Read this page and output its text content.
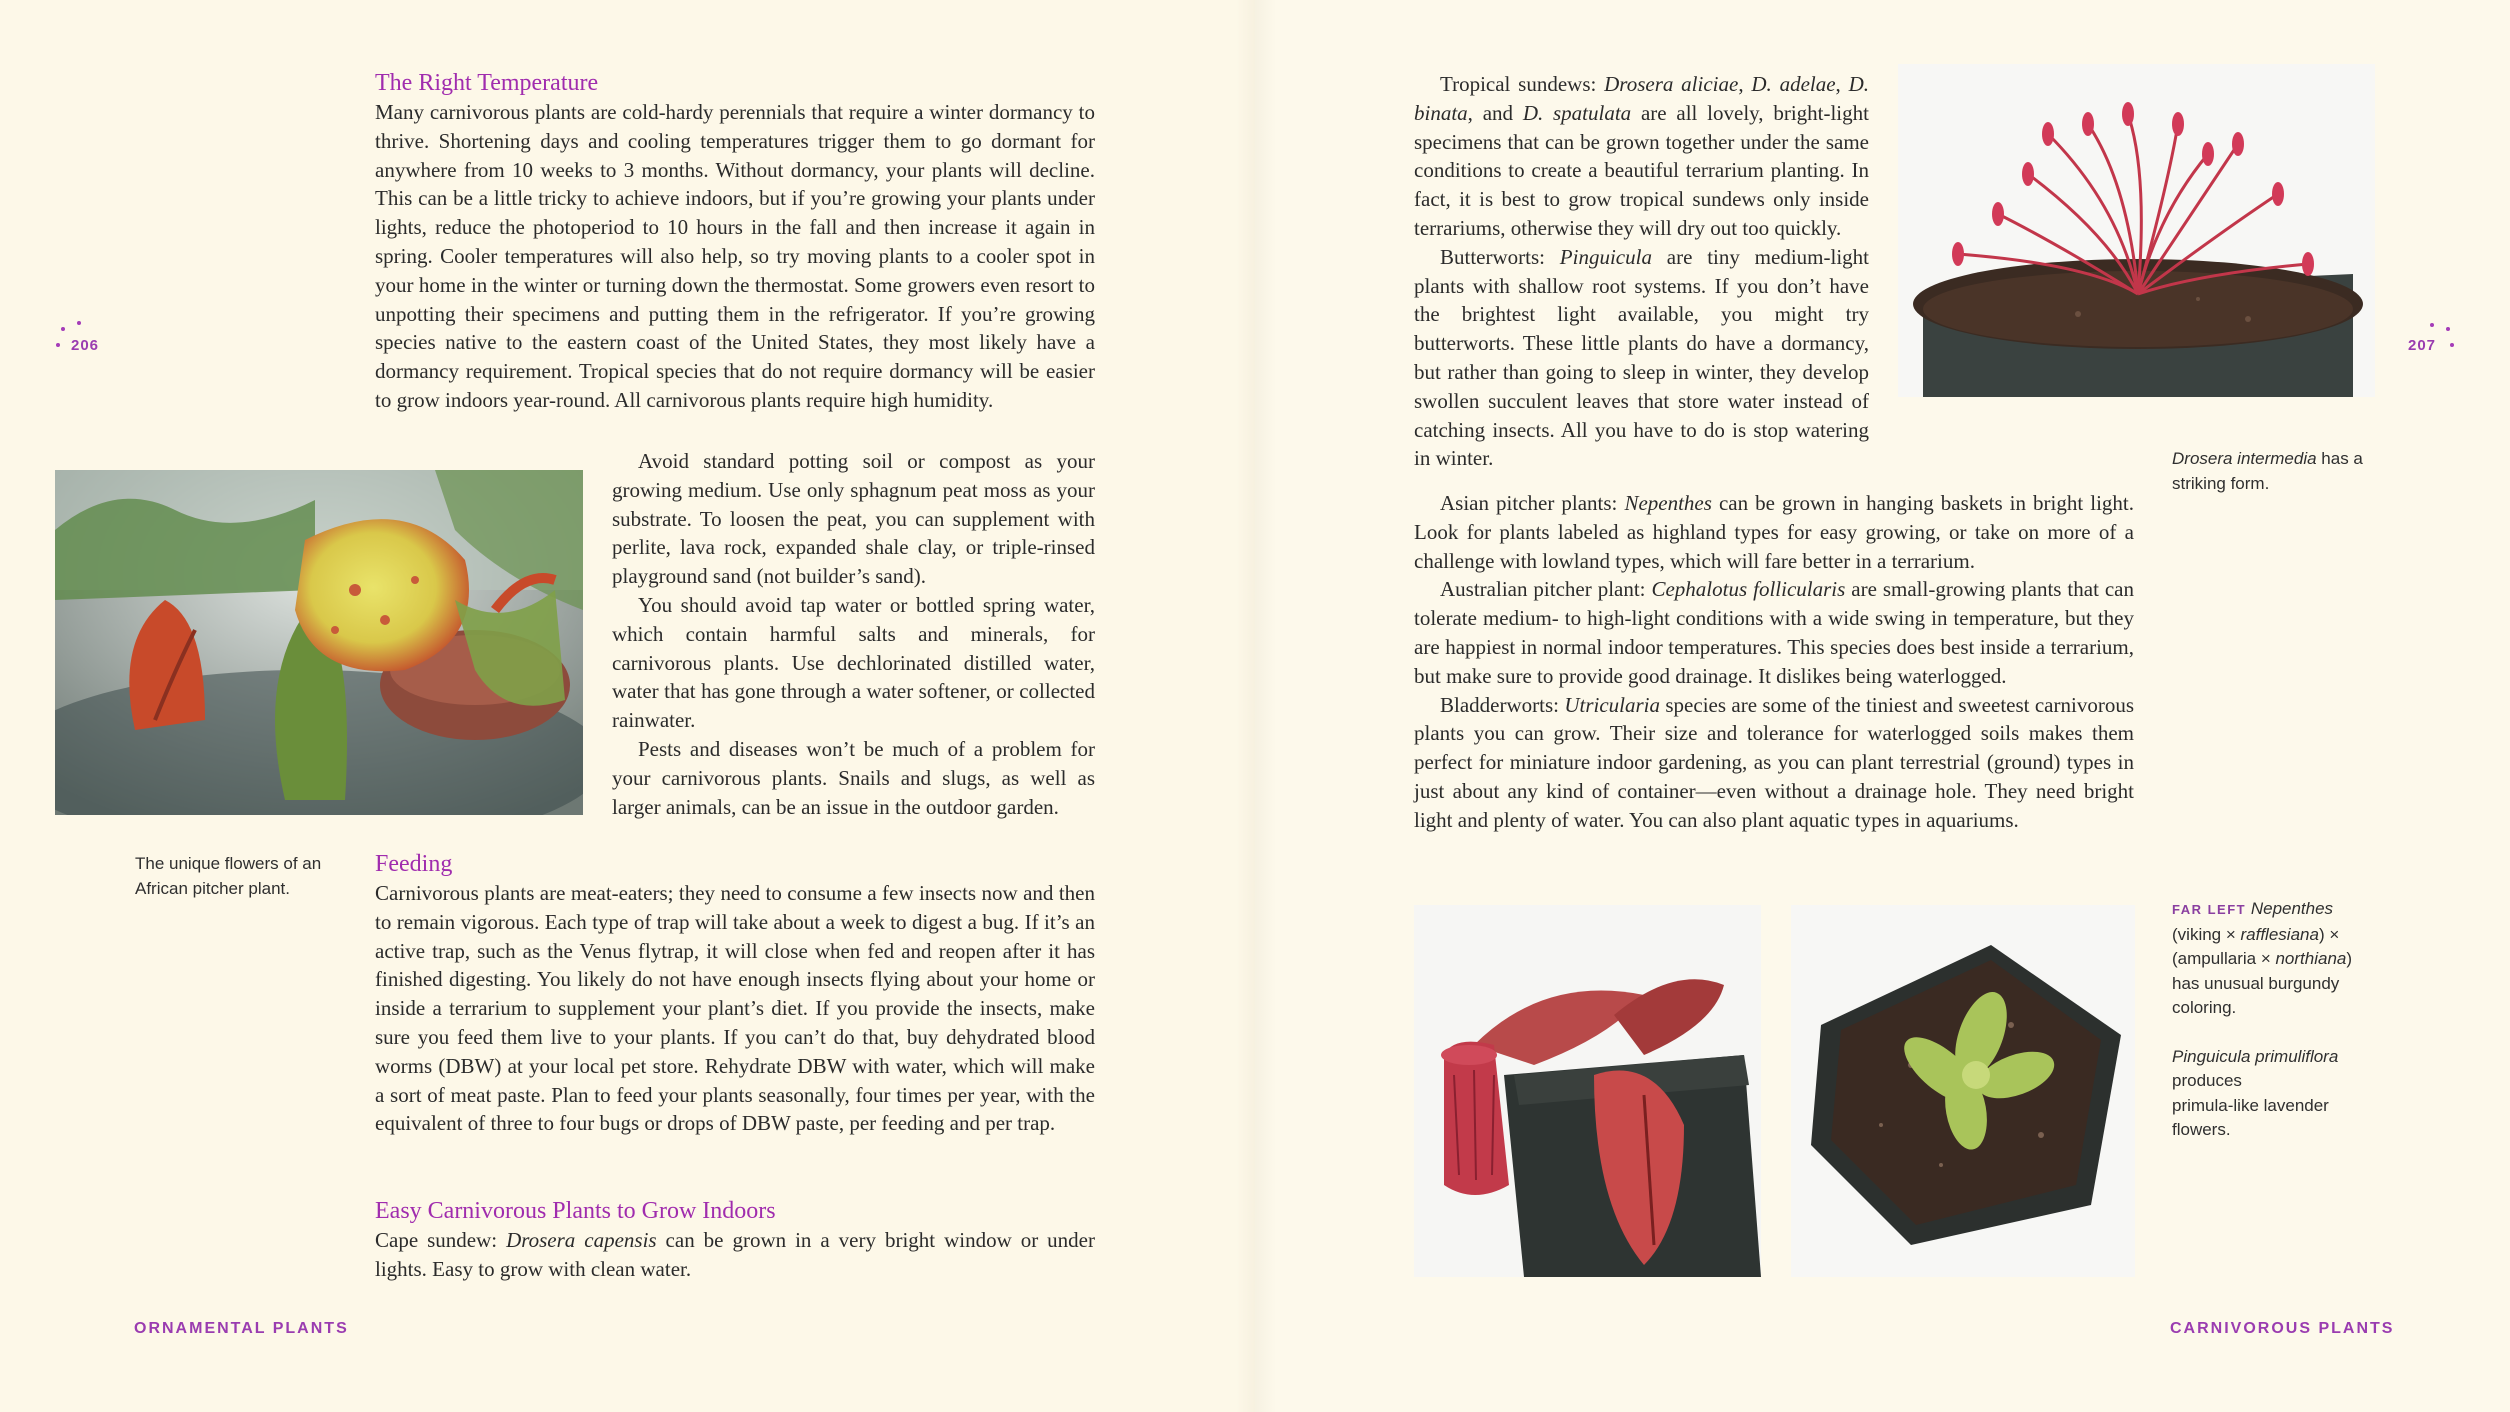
The Right Temperature

Many carnivorous plants are cold-hardy perennials that require a winter dormancy to thrive. Shortening days and cooling temperatures trigger them to go dormant for anywhere from 10 weeks to 3 months. Without dormancy, your plants will decline. This can be a little tricky to achieve indoors, but if you’re growing your plants under lights, reduce the photoperiod to 10 hours in the fall and then increase it again in spring. Cooler temperatures will also help, so try moving plants to a cooler spot in your home in the winter or turning down the thermostat. Some growers even resort to unpotting their specimens and putting them in the refrigerator. If you’re growing species native to the eastern coast of the United States, they most likely have a dormancy requirement. Tropical species that do not require dormancy will be easier to grow indoors year-round. All carnivorous plants require high humidity.

Avoid standard potting soil or compost as your growing medium. Use only sphagnum peat moss as your substrate. To loosen the peat, you can supplement with perlite, lava rock, expanded shale clay, or triple-rinsed playground sand (not builder’s sand).

You should avoid tap water or bottled spring water, which contain harmful salts and minerals, for carnivorous plants. Use dechlorinated distilled water, water that has gone through a water softener, or collected rainwater.

Pests and diseases won’t be much of a problem for your carnivorous plants. Snails and slugs, as well as larger animals, can be an issue in the outdoor garden.

The unique flowers of an African pitcher plant.
Feeding

Carnivorous plants are meat-eaters; they need to consume a few insects now and then to remain vigorous. Each type of trap will take about a week to digest a bug. If it’s an active trap, such as the Venus flytrap, it will close when fed and reopen after it has finished digesting. You likely do not have enough insects flying about your home or inside a terrarium to supplement your plant’s diet. If you provide the insects, make sure you feed them live to your plants. If you can’t do that, buy dehydrated blood worms (DBW) at your local pet store. Rehydrate DBW with water, which will make a sort of meat paste. Plan to feed your plants seasonally, four times per year, with the equivalent of three to four bugs or drops of DBW paste, per feeding and per trap.

Easy Carnivorous Plants to Grow Indoors

Cape sundew: Drosera capensis can be grown in a very bright window or under lights. Easy to grow with clean water.

206
ORNAMENTAL PLANTS

Tropical sundews: Drosera aliciae, D. adelae, D. binata, and D. spatulata are all lovely, bright-light specimens that can be grown together under the same conditions to create a beautiful terrarium planting. In fact, it is best to grow tropical sundews only inside terrariums, otherwise they will dry out too quickly.

Butterworts: Pinguicula are tiny medium-light plants with shallow root systems. If you don’t have the brightest light available, you might try butterworts. These little plants do have a dormancy, but rather than going to sleep in winter, they develop swollen succulent leaves that store water instead of catching insects. All you have to do is stop watering in winter.

Asian pitcher plants: Nepenthes can be grown in hanging baskets in bright light. Look for plants labeled as highland types for easy growing, or take on more of a challenge with lowland types, which will fare better in a terrarium.

Australian pitcher plant: Cephalotus follicularis are small-growing plants that can tolerate medium- to high-light conditions with a wide swing in temperature, but they are happiest in normal indoor temperatures. This species does best inside a terrarium, but make sure to provide good drainage. It dislikes being waterlogged.

Bladderworts: Utricularia species are some of the tiniest and sweetest carnivorous plants you can grow. Their size and tolerance for waterlogged soils makes them perfect for miniature indoor gardening, as you can plant terrestrial (ground) types in just about any kind of container—even without a drainage hole. They need bright light and plenty of water. You can also plant aquatic types in aquariums.

Drosera intermedia has a striking form.
FAR LEFT Nepenthes
(viking × rafflesiana) ×
(ampullaria × northiana)
has unusual burgundy
coloring.
Pinguicula primuliflora
produces
primula-like lavender
flowers.
207
CARNIVOROUS PLANTS
